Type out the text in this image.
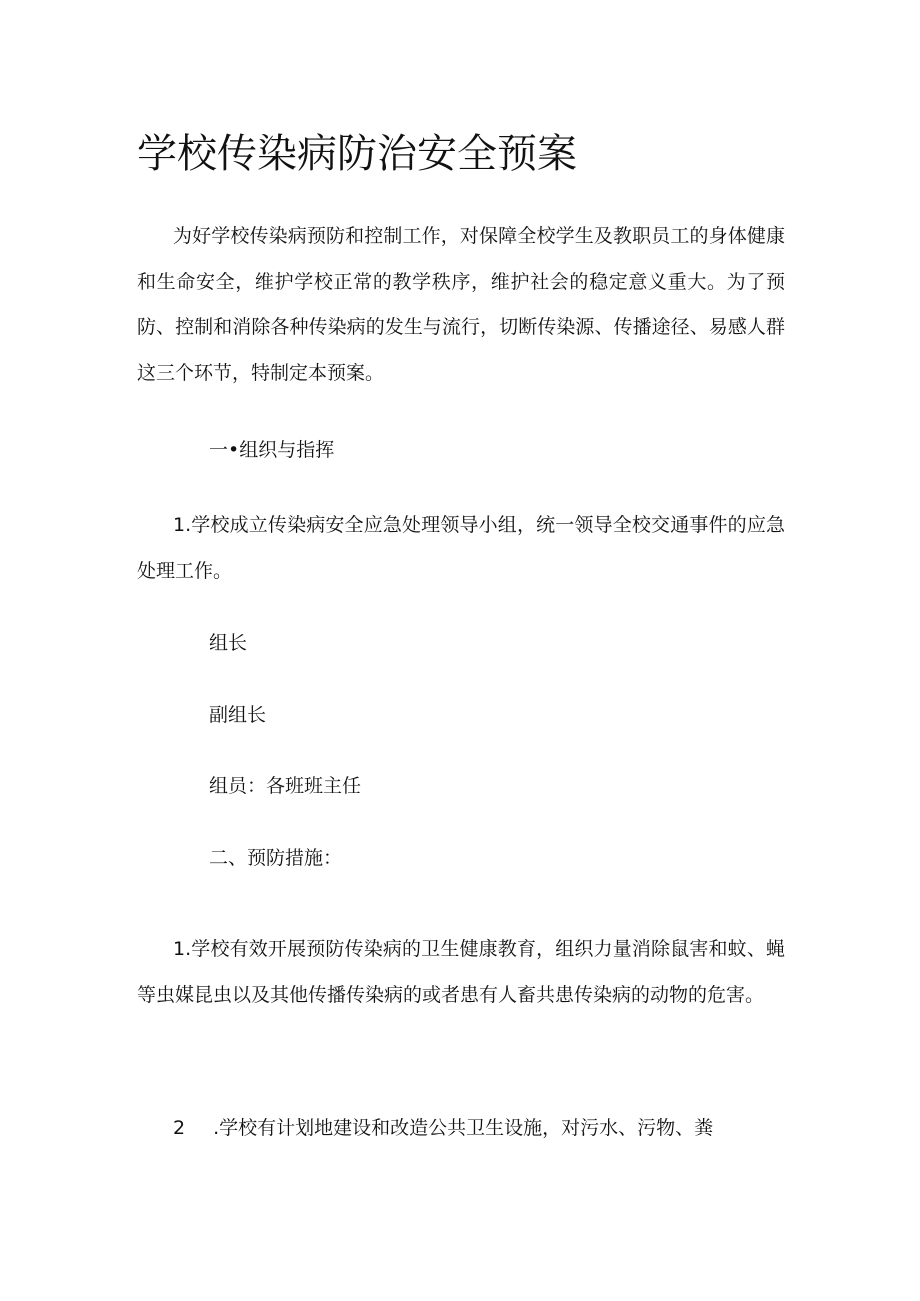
学校传染病防治安全预案

为好学校传染病预防和控制工作，对保障全校学生及教职员工的身体健康和生命安全，维护学校正常的教学秩序，维护社会的稳定意义重大。为了预防、控制和消除各种传染病的发生与流行，切断传染源、传播途径、易感人群这三个环节，特制定本预案。

一•组织与指挥

1.学校成立传染病安全应急处理领导小组，统一领导全校交通事件的应急处理工作。

组长

副组长

组员：各班班主任

二、预防措施：

1.学校有效开展预防传染病的卫生健康教育，组织力量消除鼠害和蚊、蝇等虫媒昆虫以及其他传播传染病的或者患有人畜共患传染病的动物的危害。

2 .学校有计划地建设和改造公共卫生设施，对污水、污物、粪
